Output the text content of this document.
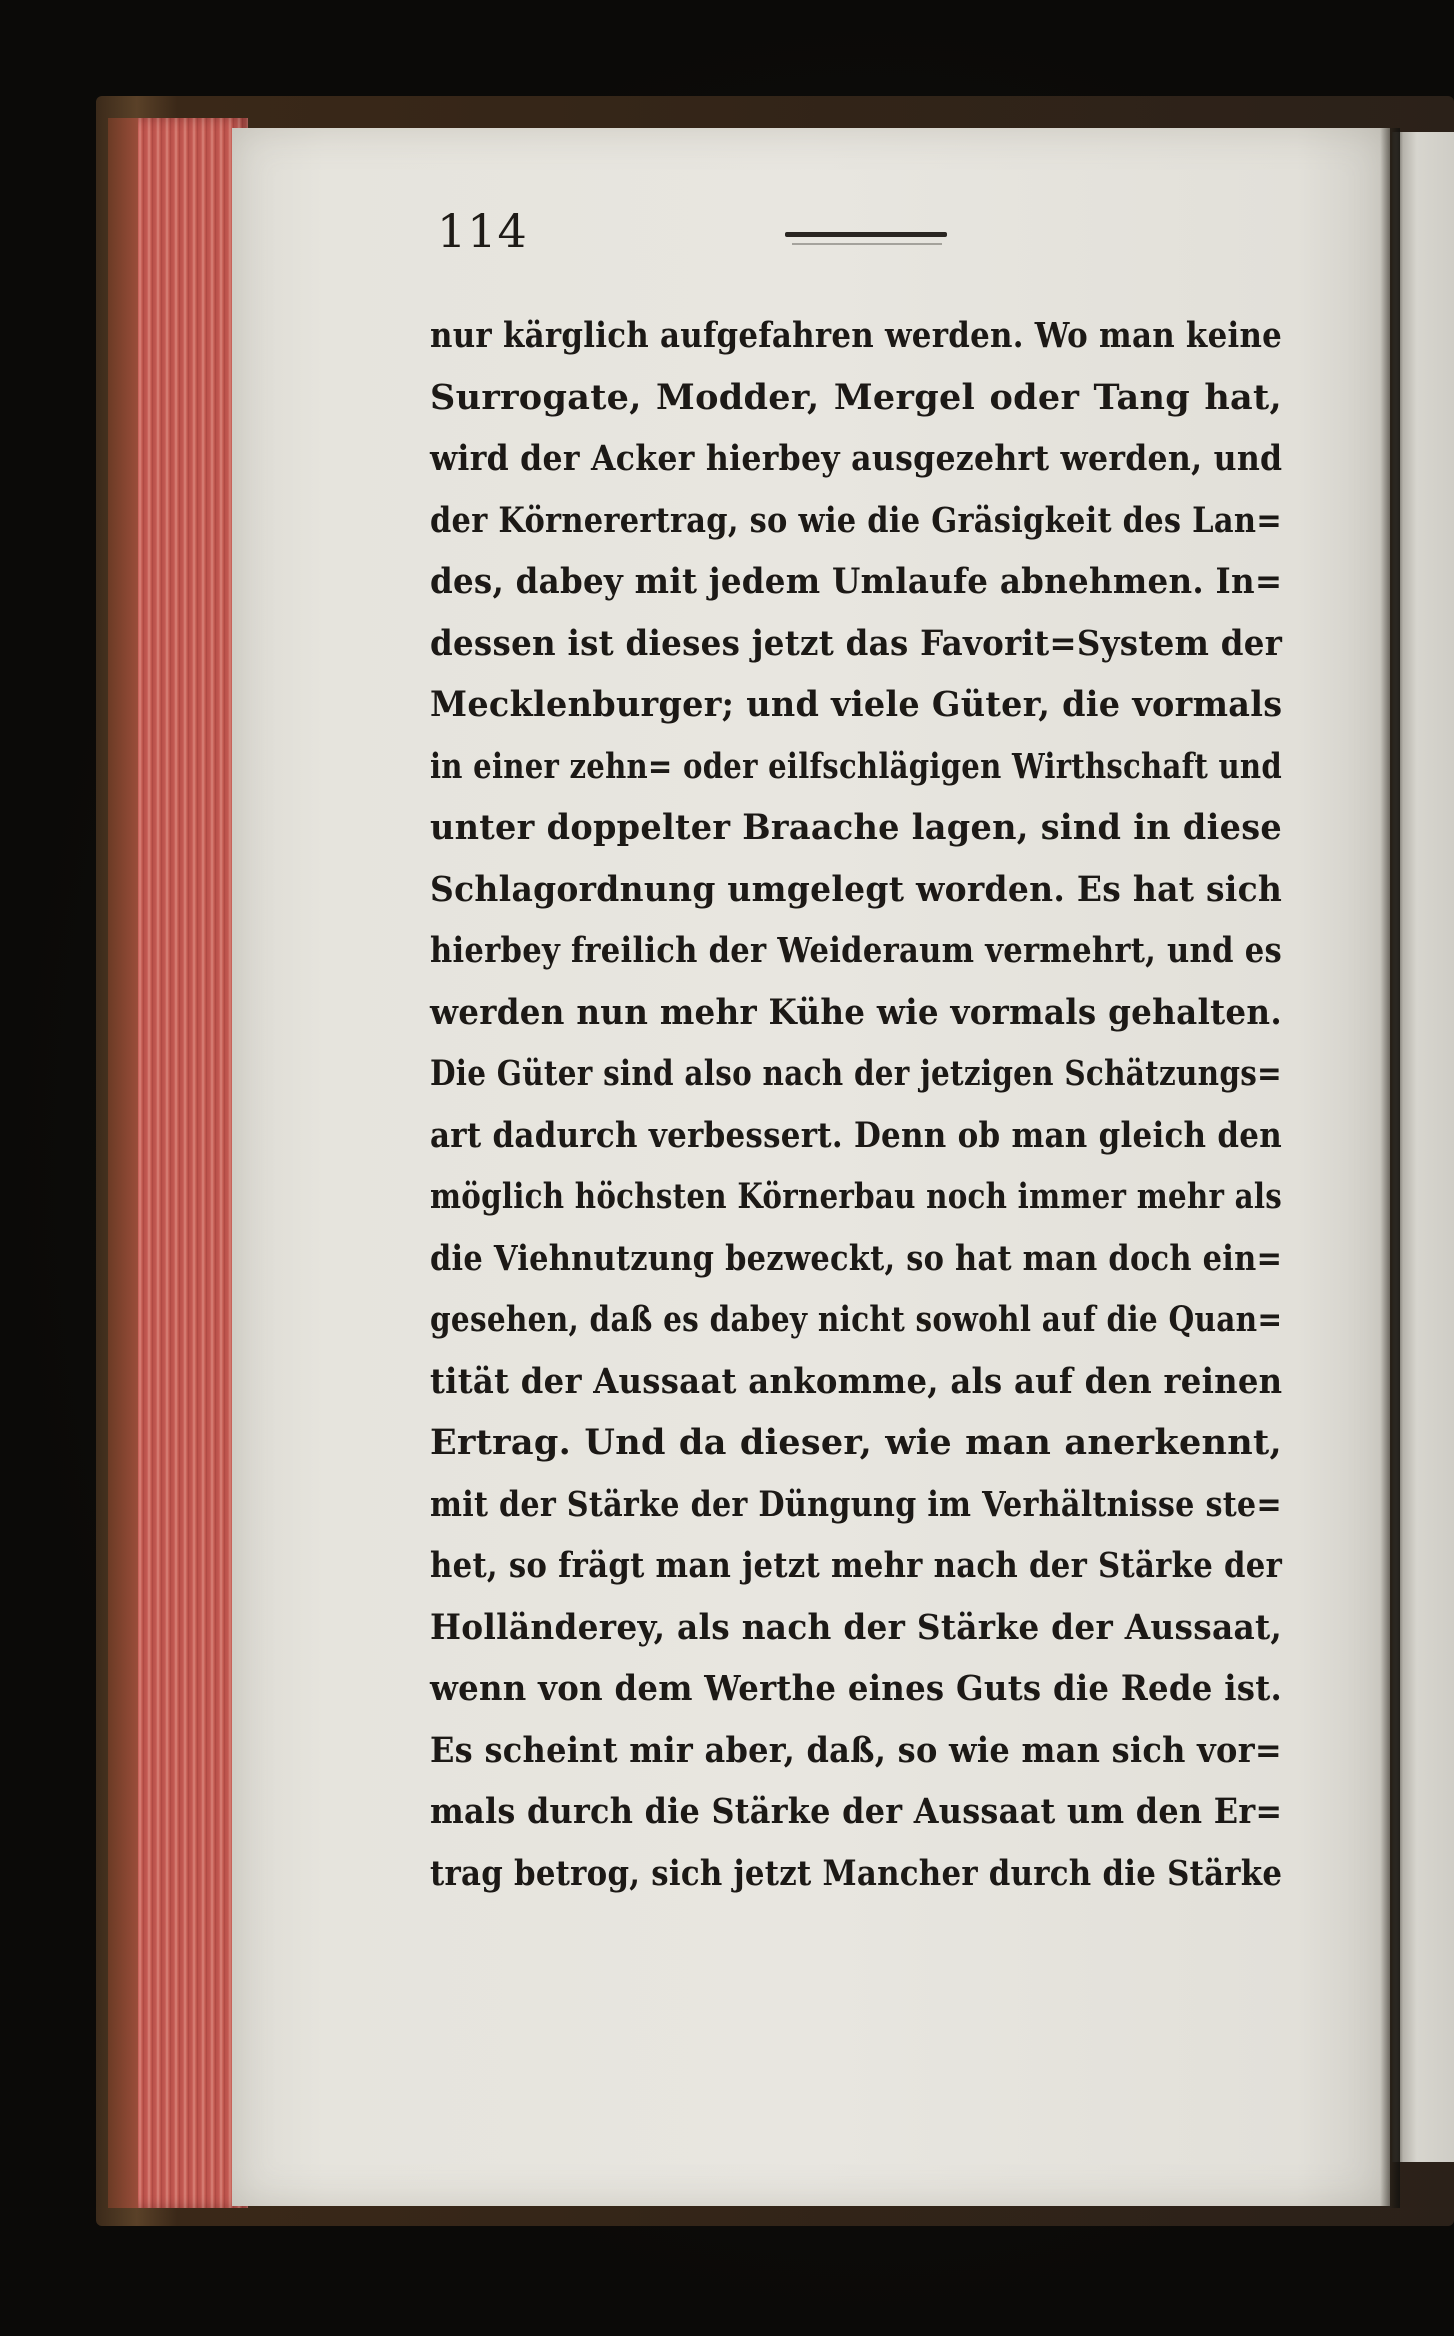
114
nur kärglich aufgefahren werden. Wo man keine
Surrogate, Modder, Mergel oder Tang hat,
wird der Acker hierbey ausgezehrt werden, und
der Körnerertrag, so wie die Gräsigkeit des Lan=
des, dabey mit jedem Umlaufe abnehmen. In=
dessen ist dieses jetzt das Favorit=System der
Mecklenburger; und viele Güter, die vormals
in einer zehn= oder eilfschlägigen Wirthschaft und
unter doppelter Braache lagen, sind in diese
Schlagordnung umgelegt worden. Es hat sich
hierbey freilich der Weideraum vermehrt, und es
werden nun mehr Kühe wie vormals gehalten.
Die Güter sind also nach der jetzigen Schätzungs=
art dadurch verbessert. Denn ob man gleich den
möglich höchsten Körnerbau noch immer mehr als
die Viehnutzung bezweckt, so hat man doch ein=
gesehen, daß es dabey nicht sowohl auf die Quan=
tität der Aussaat ankomme, als auf den reinen
Ertrag. Und da dieser, wie man anerkennt,
mit der Stärke der Düngung im Verhältnisse ste=
het, so frägt man jetzt mehr nach der Stärke der
Holländerey, als nach der Stärke der Aussaat,
wenn von dem Werthe eines Guts die Rede ist.
Es scheint mir aber, daß, so wie man sich vor=
mals durch die Stärke der Aussaat um den Er=
trag betrog, sich jetzt Mancher durch die Stärke
